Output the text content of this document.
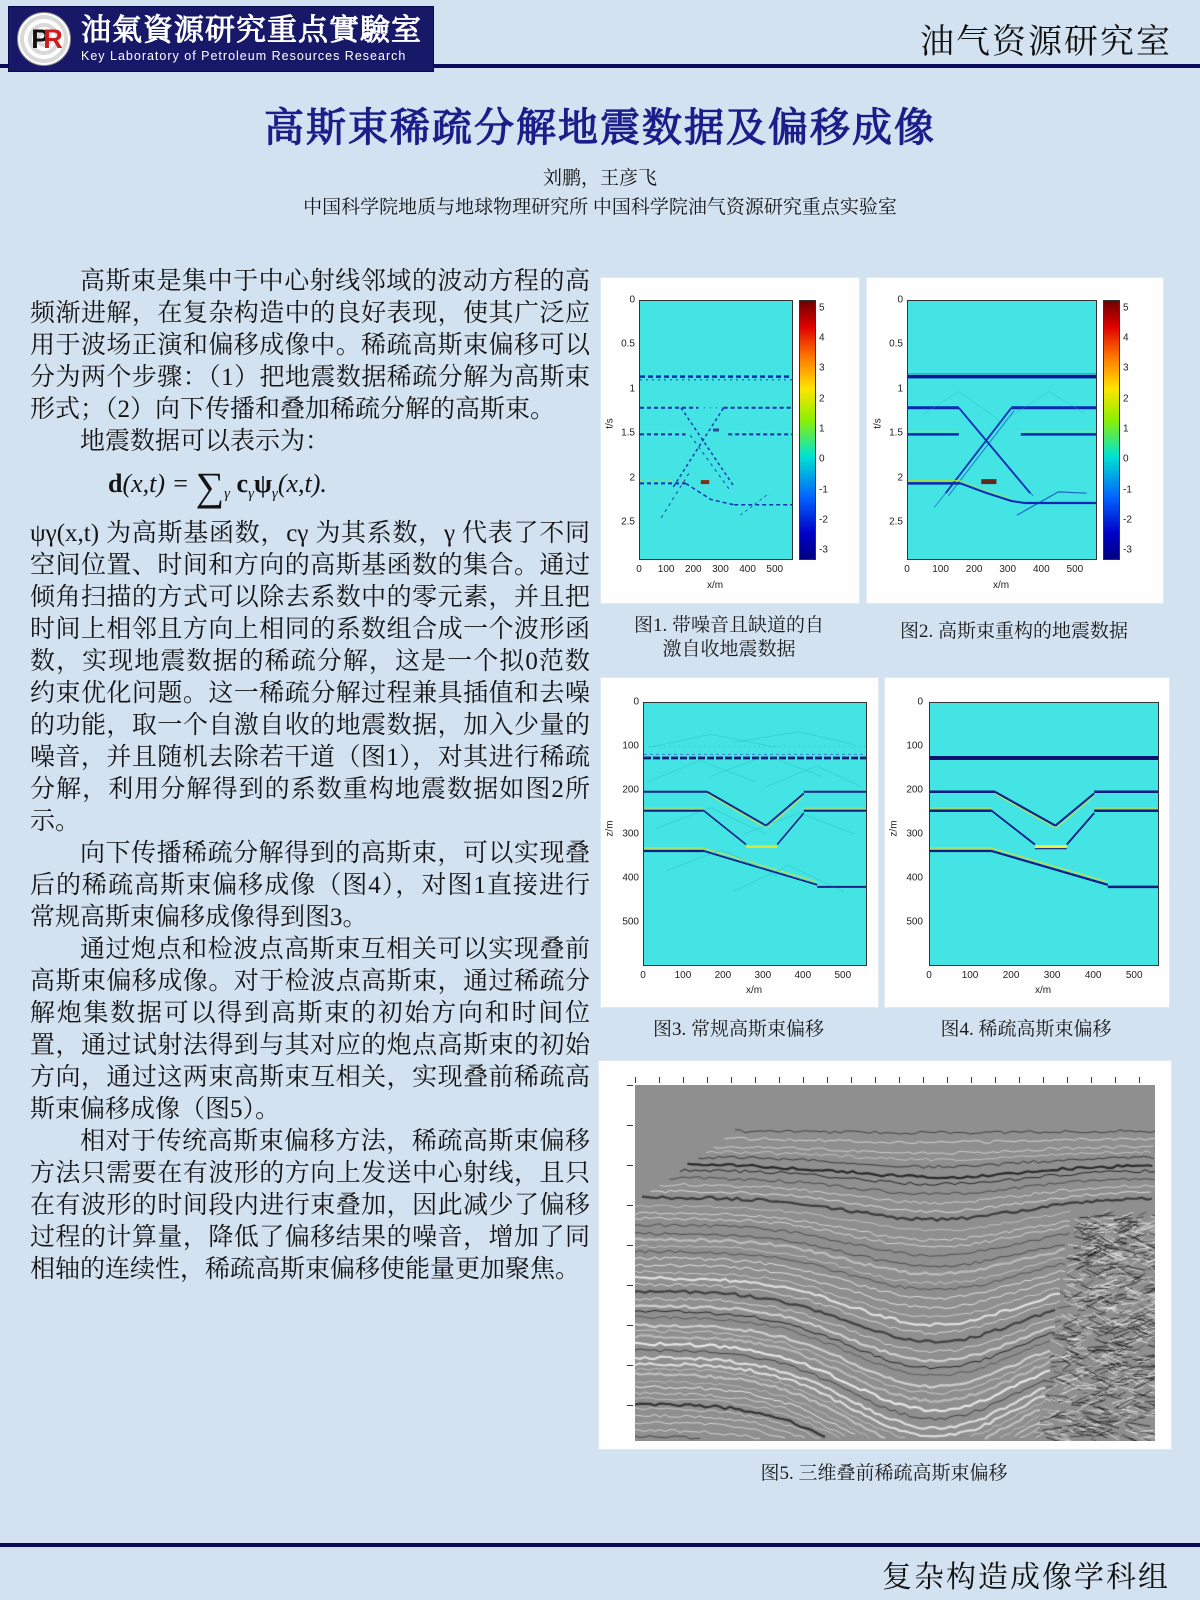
PR 油氣資源研究重点實驗室
Key Laboratory of Petroleum Resources Research	油气资源研究室
高斯束稀疏分解地震数据及偏移成像
刘鹏，王彦飞
中国科学院地质与地球物理研究所 中国科学院油气资源研究重点实验室

高斯束是集中于中心射线邻域的波动方程的高频渐进解，在复杂构造中的良好表现，使其广泛应用于波场正演和偏移成像中。稀疏高斯束偏移可以分为两个步骤：（1）把地震数据稀疏分解为高斯束形式；（2）向下传播和叠加稀疏分解的高斯束。

地震数据可以表示为：

$d(x,t) = \sum_\gamma$ $c_\gamma\psi_\gamma(x,t)$.

ψγ(x,t) 为高斯基函数，cγ 为其系数，γ 代表了不同空间位置、时间和方向的高斯基函数的集合。通过倾角扫描的方式可以除去系数中的零元素，并且把时间上相邻且方向上相同的系数组合成一个波形函数，实现地震数据的稀疏分解，这是一个拟0范数约束优化问题。这一稀疏分解过程兼具插值和去噪的功能，取一个自激自收的地震数据，加入少量的噪音，并且随机去除若干道（图1），对其进行稀疏分解，利用分解得到的系数重构地震数据如图2所示。

向下传播稀疏分解得到的高斯束，可以实现叠后的稀疏高斯束偏移成像（图4），对图1直接进行常规高斯束偏移成像得到图3。

通过炮点和检波点高斯束互相关可以实现叠前高斯束偏移成像。对于检波点高斯束，通过稀疏分解炮集数据可以得到高斯束的初始方向和时间位置，通过试射法得到与其对应的炮点高斯束的初始方向，通过这两束高斯束互相关，实现叠前稀疏高斯束偏移成像（图5）。

相对于传统高斯束偏移方法，稀疏高斯束偏移方法只需要在有波形的方向上发送中心射线，且只在有波形的时间段内进行束叠加，因此减少了偏移过程的计算量，降低了偏移结果的噪音，增加了同相轴的连续性，稀疏高斯束偏移使能量更加聚焦。

t/s
0
0.5
1
1.5
2
2.5
0 100 200 300 400 500
x/m
5
4
3
2
1
0
-1
-2
-3
t/s
0
0.5
1
1.5
2
2.5
0 100 200 300 400 500
x/m
5
4
3
2
1
0
-1
-2
-3
图1. 带噪音且缺道的自
激自收地震数据
图2. 高斯束重构的地震数据
z/m
0
100
200
300
400
500
0	100 200 300 400 500
x/m
z/m
0
100
200
300
400
500
0	100 200 300 400 500
x/m
图3. 常规高斯束偏移	图4. 稀疏高斯束偏移
图5. 三维叠前稀疏高斯束偏移
复杂构造成像学科组
